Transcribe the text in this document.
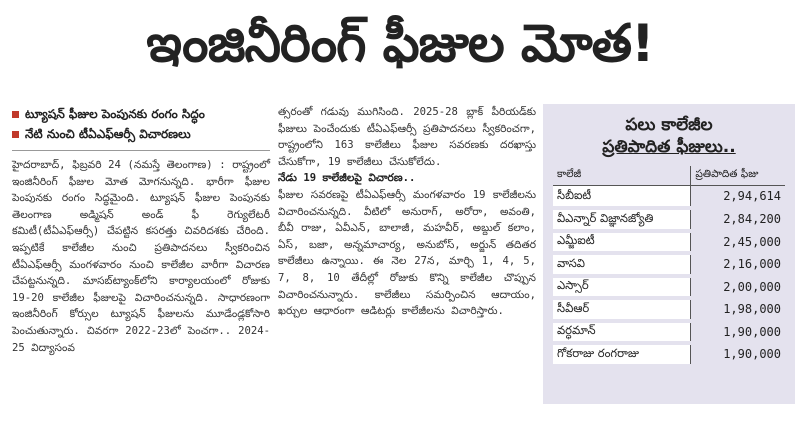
ఇంజినీరింగ్ ఫీజుల మోత!
ట్యూషన్ ఫీజుల పెంపునకు రంగం సిద్ధం
నేటి నుంచి టీఏఎఫ్ఆర్సీ విచారణలు

హైదరాబాద్, ఫిబ్రవరి 24 (నమస్తే తెలంగాణ) : రాష్ట్రంలో ఇంజినీరింగ్ ఫీజుల మోత మోగనున్నది. భారీగా ఫీజుల పెంపునకు రంగం సిద్ధమైంది. ట్యూషన్ ఫీజుల పెంపునకు తెలంగాణ అడ్మిషన్ అండ్ ఫీ రెగ్యులేటరీ కమిటీ(టీఏఎఫ్ఆర్సీ) చేపట్టిన కసరత్తు చివరిదశకు చేరింది. ఇప్పటికే కాలేజీల నుంచి ప్రతిపాదనలు స్వీకరించిన టీఏఎఫ్ఆర్సీ మంగళవారం నుంచి కాలేజీల వారీగా విచారణ చేపట్టనున్నది. మాసబ్‌ట్యాంక్‌లోని కార్యాలయంలో రోజుకు 19-20 కాలేజీల ఫీజులపై విచారించనున్నది. సాధారణంగా ఇంజినీరింగ్ కోర్సుల ట్యూషన్ ఫీజులను మూడేండ్లకోసారి పెంచుతున్నారు. చివరగా 2022-23లో పెంచగా.. 2024-25 విద్యాసంవ

త్సరంతో గడువు ముగిసింది. 2025-28 బ్లాక్ పీరియడ్‌కు ఫీజులు పెంచేందుకు టీఏఎఫ్ఆర్సీ ప్రతిపాదనలు స్వీకరించగా, రాష్ట్రంలోని 163 కాలేజీలు ఫీజుల సవరణకు దరఖాస్తు చేసుకోగా, 19 కాలేజీలు చేసుకోలేదు.

నేడు 19 కాలేజీలపై విచారణ..

ఫీజుల సవరణపై టీఏఎఫ్ఆర్సీ మంగళవారం 19 కాలేజీలను విచారించనున్నది. వీటిలో అనురాగ్, అరోరా, అవంతి, బీవీ రాజు, ఏవీఎన్, బాలాజీ, మహవీర్, అబ్దుల్ కలాం, ఏస్, బజా, అన్నమాచార్య, అనుబోస్, అర్జున్ తదితర కాలేజీలు ఉన్నాయి. ఈ నెల 27న, మార్చి 1, 4, 5, 7, 8, 10 తేదీల్లో రోజుకు కొన్ని కాలేజీల చొప్పున విచారించనున్నారు. కాలేజీలు సమర్పించిన ఆదాయం, ఖర్చుల ఆధారంగా ఆడిటర్లు కాలేజీలను విచారిస్తారు.

పలు కాలేజీల
ప్రతిపాదిత ఫీజులు..
కాలేజీ	ప్రతిపాదిత ఫీజు
సీబీఐటీ	2,94,614
వీఎన్నార్ విజ్ఞానజ్యోతి	2,84,200
ఎమ్జీఐటీ	2,45,000
వాసవి	2,16,000
ఎస్సార్	2,00,000
సీవీఆర్	1,98,000
వర్ధమాన్	1,90,000
గోకరాజు రంగరాజు	1,90,000
